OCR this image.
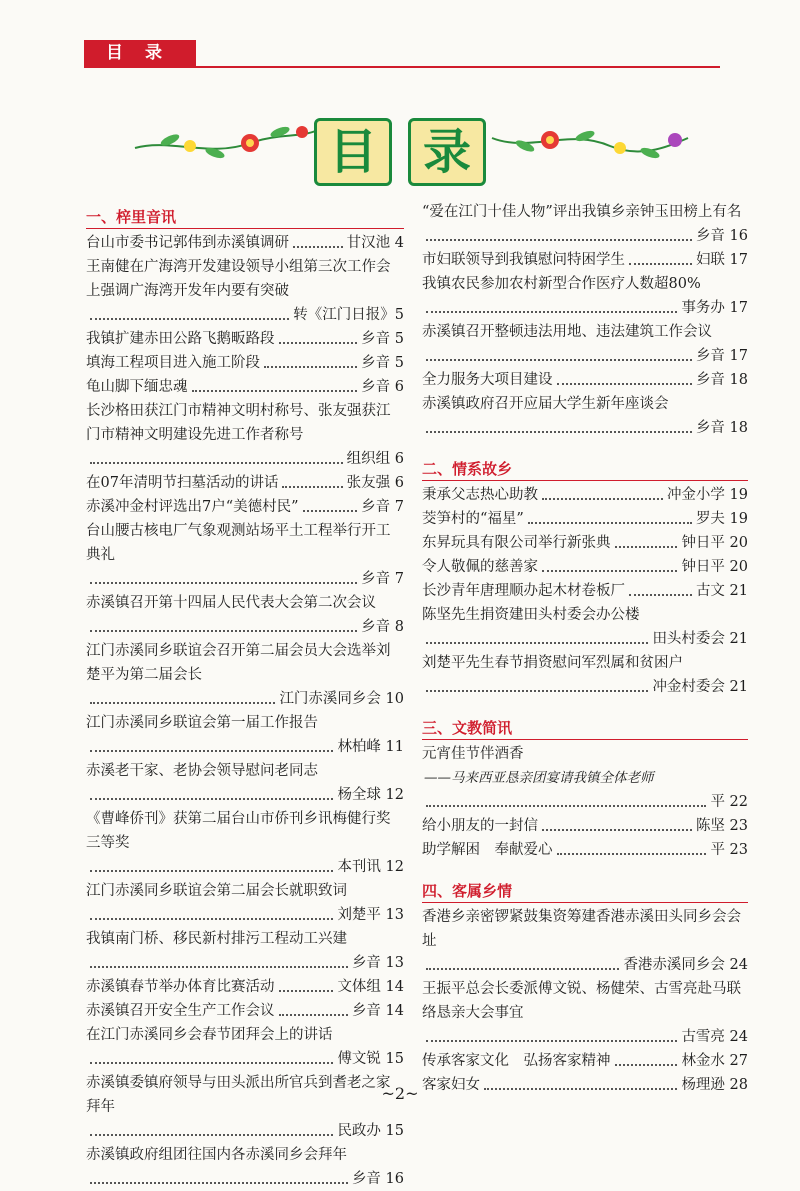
目录
目 录
一、梓里音讯
台山市委书记郭伟到赤溪镇调研	甘汉池 4
王南健在广海湾开发建设领导小组第三次工作会上强调广海湾开发年内要有突破
转《江门日报》5
我镇扩建赤田公路飞鹅畈路段	乡音 5
填海工程项目进入施工阶段	乡音 5
龟山脚下缅忠魂	乡音 6
长沙格田获江门市精神文明村称号、张友强获江门市精神文明建设先进工作者称号
组织组 6
在07年清明节扫墓活动的讲话	张友强 6
赤溪冲金村评选出7户“美德村民”	乡音 7
台山腰古核电厂气象观测站场平土工程举行开工典礼
乡音 7
赤溪镇召开第十四届人民代表大会第二次会议
乡音 8
江门赤溪同乡联谊会召开第二届会员大会选举刘楚平为第二届会长
江门赤溪同乡会 10
江门赤溪同乡联谊会第一届工作报告
林柏峰 11
赤溪老干家、老协会领导慰问老同志
杨全球 12
《曹峰侨刊》获第二届台山市侨刊乡讯梅健行奖三等奖
本刊讯 12
江门赤溪同乡联谊会第二届会长就职致词
刘楚平 13
我镇南门桥、移民新村排污工程动工兴建
乡音 13
赤溪镇春节举办体育比赛活动	文体组 14
赤溪镇召开安全生产工作会议	乡音 14
在江门赤溪同乡会春节团拜会上的讲话
傅文锐 15
赤溪镇委镇府领导与田头派出所官兵到耆老之家拜年
民政办 15
赤溪镇政府组团往国内各赤溪同乡会拜年
乡音 16
“爱在江门十佳人物”评出我镇乡亲钟玉田榜上有名
乡音 16
市妇联领导到我镇慰问特困学生	妇联 17
我镇农民参加农村新型合作医疗人数超80%
事务办 17
赤溪镇召开整顿违法用地、违法建筑工作会议
乡音 17
全力服务大项目建设	乡音 18
赤溪镇政府召开应届大学生新年座谈会
乡音 18
二、情系故乡
秉承父志热心助教	冲金小学 19
茭笋村的“福星”	罗夫 19
东昇玩具有限公司举行新张典	钟日平 20
令人敬佩的慈善家	钟日平 20
长沙青年唐理顺办起木材卷板厂	古文 21
陈坚先生捐资建田头村委会办公楼
田头村委会 21
刘楚平先生春节捐资慰问军烈属和贫困户
冲金村委会 21
三、文教简讯
元宵佳节伴酒香
——马来西亚恳亲团宴请我镇全体老师
平 22
给小朋友的一封信	陈坚 23
助学解困　奉献爱心	平 23
四、客属乡情
香港乡亲密锣紧鼓集资筹建香港赤溪田头同乡会会址
香港赤溪同乡会 24
王振平总会长委派傅文锐、杨健荣、古雪亮赴马联络恳亲大会事宜
古雪亮 24
传承客家文化　弘扬客家精神	林金水 27
客家妇女	杨理逊 28
~2~
